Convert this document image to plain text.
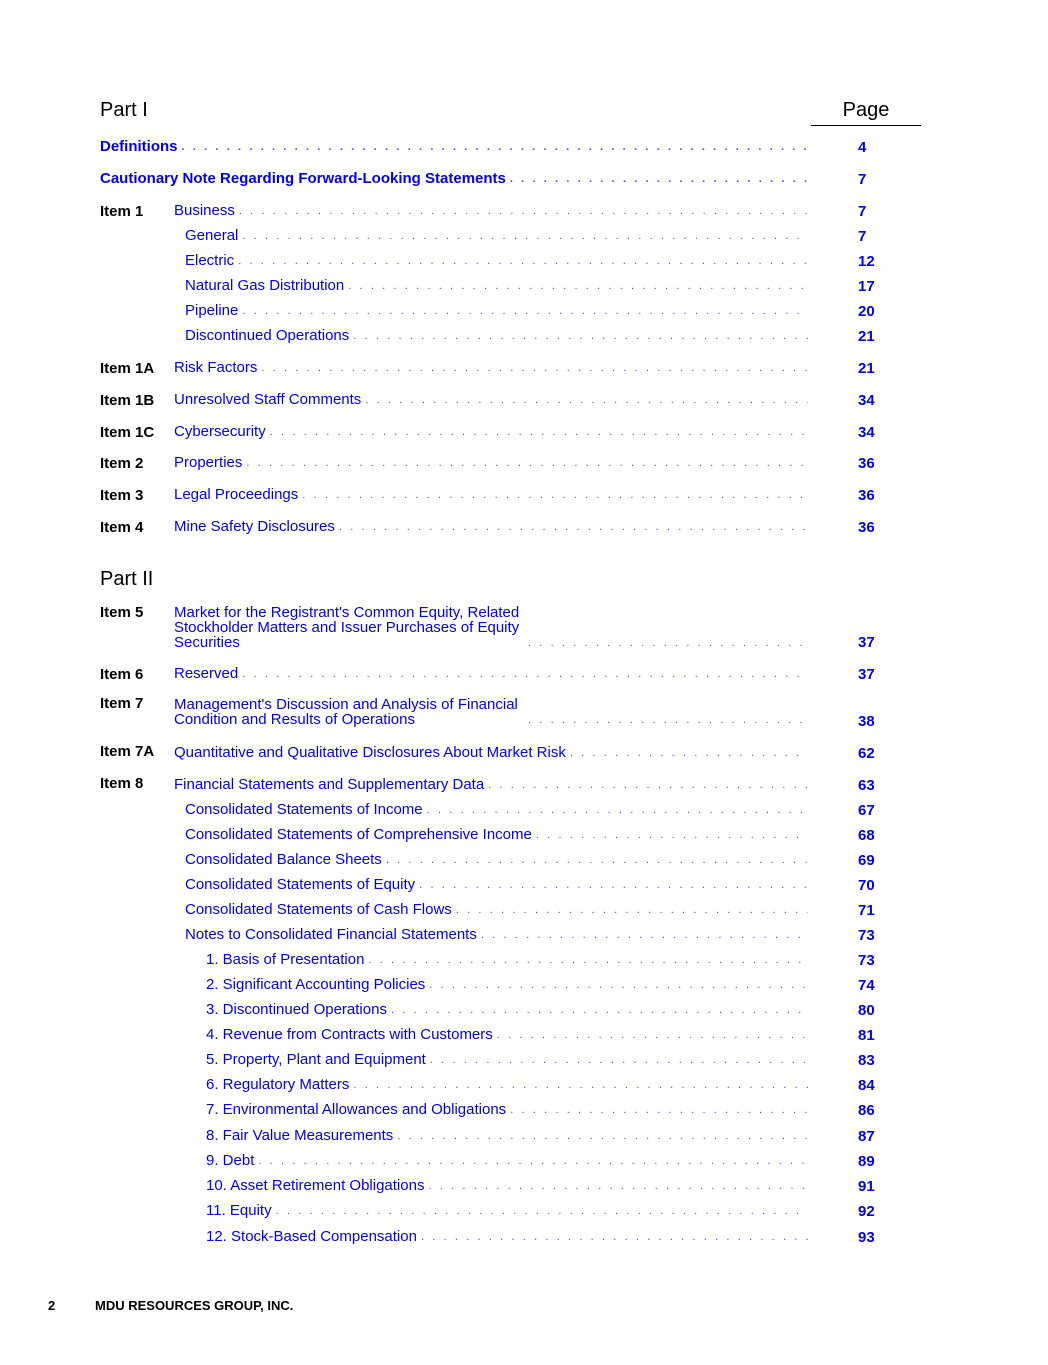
Part I	Page
Definitions . . .	4
Cautionary Note Regarding Forward-Looking Statements . . .	7
Item 1 Business . . .	7
General . . .	7
Electric . . .	12
Natural Gas Distribution . . .	17
Pipeline . . .	20
Discontinued Operations . . .	21
Item 1A Risk Factors . . .	21
Item 1B Unresolved Staff Comments . . .	34
Item 1C Cybersecurity . . .	34
Item 2 Properties . . .	36
Item 3 Legal Proceedings . . .	36
Item 4 Mine Safety Disclosures . . .	36
Part II
Item 5 Market for the Registrant's Common Equity, Related Stockholder Matters and Issuer Purchases of Equity Securities . . .	37
Item 6 Reserved . . .	37
Item 7 Management's Discussion and Analysis of Financial Condition and Results of Operations . . .	38
Item 7A Quantitative and Qualitative Disclosures About Market Risk . . .	62
Item 8 Financial Statements and Supplementary Data . . .	63
Consolidated Statements of Income . . .	67
Consolidated Statements of Comprehensive Income . . .	68
Consolidated Balance Sheets . . .	69
Consolidated Statements of Equity . . .	70
Consolidated Statements of Cash Flows . . .	71
Notes to Consolidated Financial Statements . . .	73
1. Basis of Presentation . . .	73
2. Significant Accounting Policies . . .	74
3. Discontinued Operations . . .	80
4. Revenue from Contracts with Customers . . .	81
5. Property, Plant and Equipment . . .	83
6. Regulatory Matters . . .	84
7. Environmental Allowances and Obligations . . .	86
8. Fair Value Measurements . . .	87
9. Debt . . .	89
10. Asset Retirement Obligations . . .	91
11. Equity . . .	92
12. Stock-Based Compensation . . .	93
2	MDU RESOURCES GROUP, INC.
